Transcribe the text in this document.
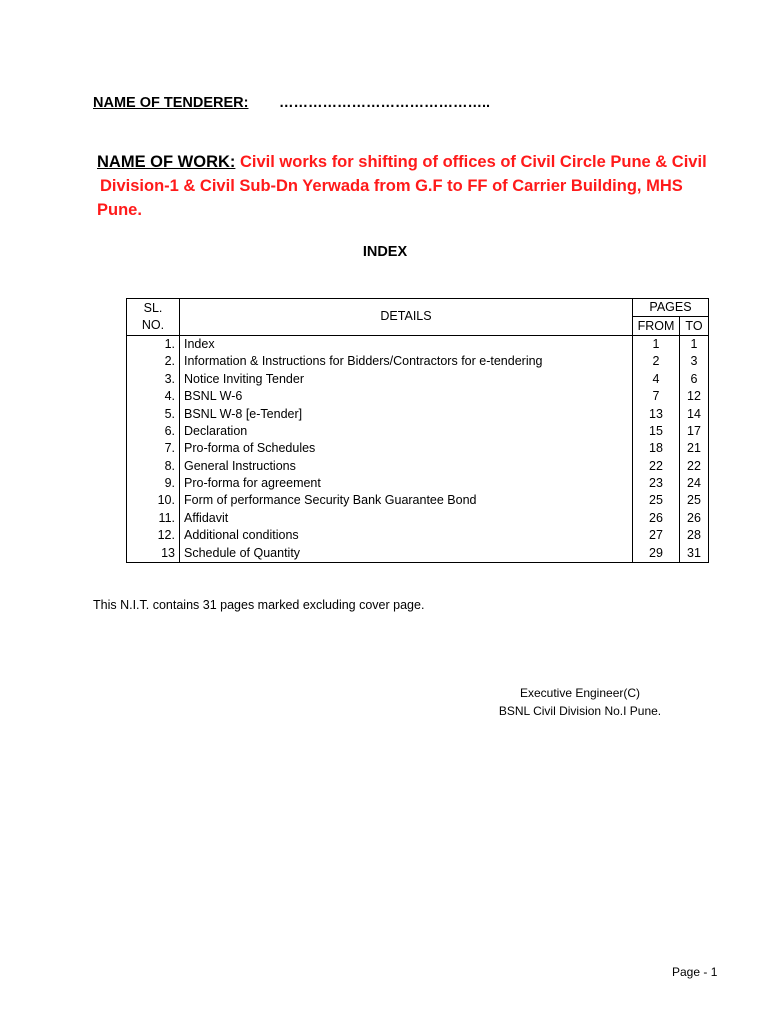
NAME OF TENDERER: ……………………………………..
NAME OF WORK: Civil works for shifting of offices of Civil Circle Pune & Civil
Division-1 & Civil Sub-Dn Yerwada from G.F to FF of Carrier Building, MHS
Pune.
INDEX
SL.
NO.	DETAILS	PAGES	
		FROM	TO
1.	Index	1	1
2.	Information & Instructions for Bidders/Contractors for e-tendering	2	3
3.	Notice Inviting Tender	4	6
4.	BSNL W-6	7	12
5.	BSNL W-8 [e-Tender]	13	14
6.	Declaration	15	17
7.	Pro-forma of Schedules	18	21
8.	General Instructions	22	22
9.	Pro-forma for agreement	23	24
10.	Form of performance Security Bank Guarantee Bond	25	25
11.	Affidavit	26	26
12.	Additional conditions	27	28
13	Schedule of Quantity	29	31
This N.I.T. contains 31 pages marked excluding cover page.
Executive Engineer(C)
BSNL Civil Division No.I Pune.
Page - 1
